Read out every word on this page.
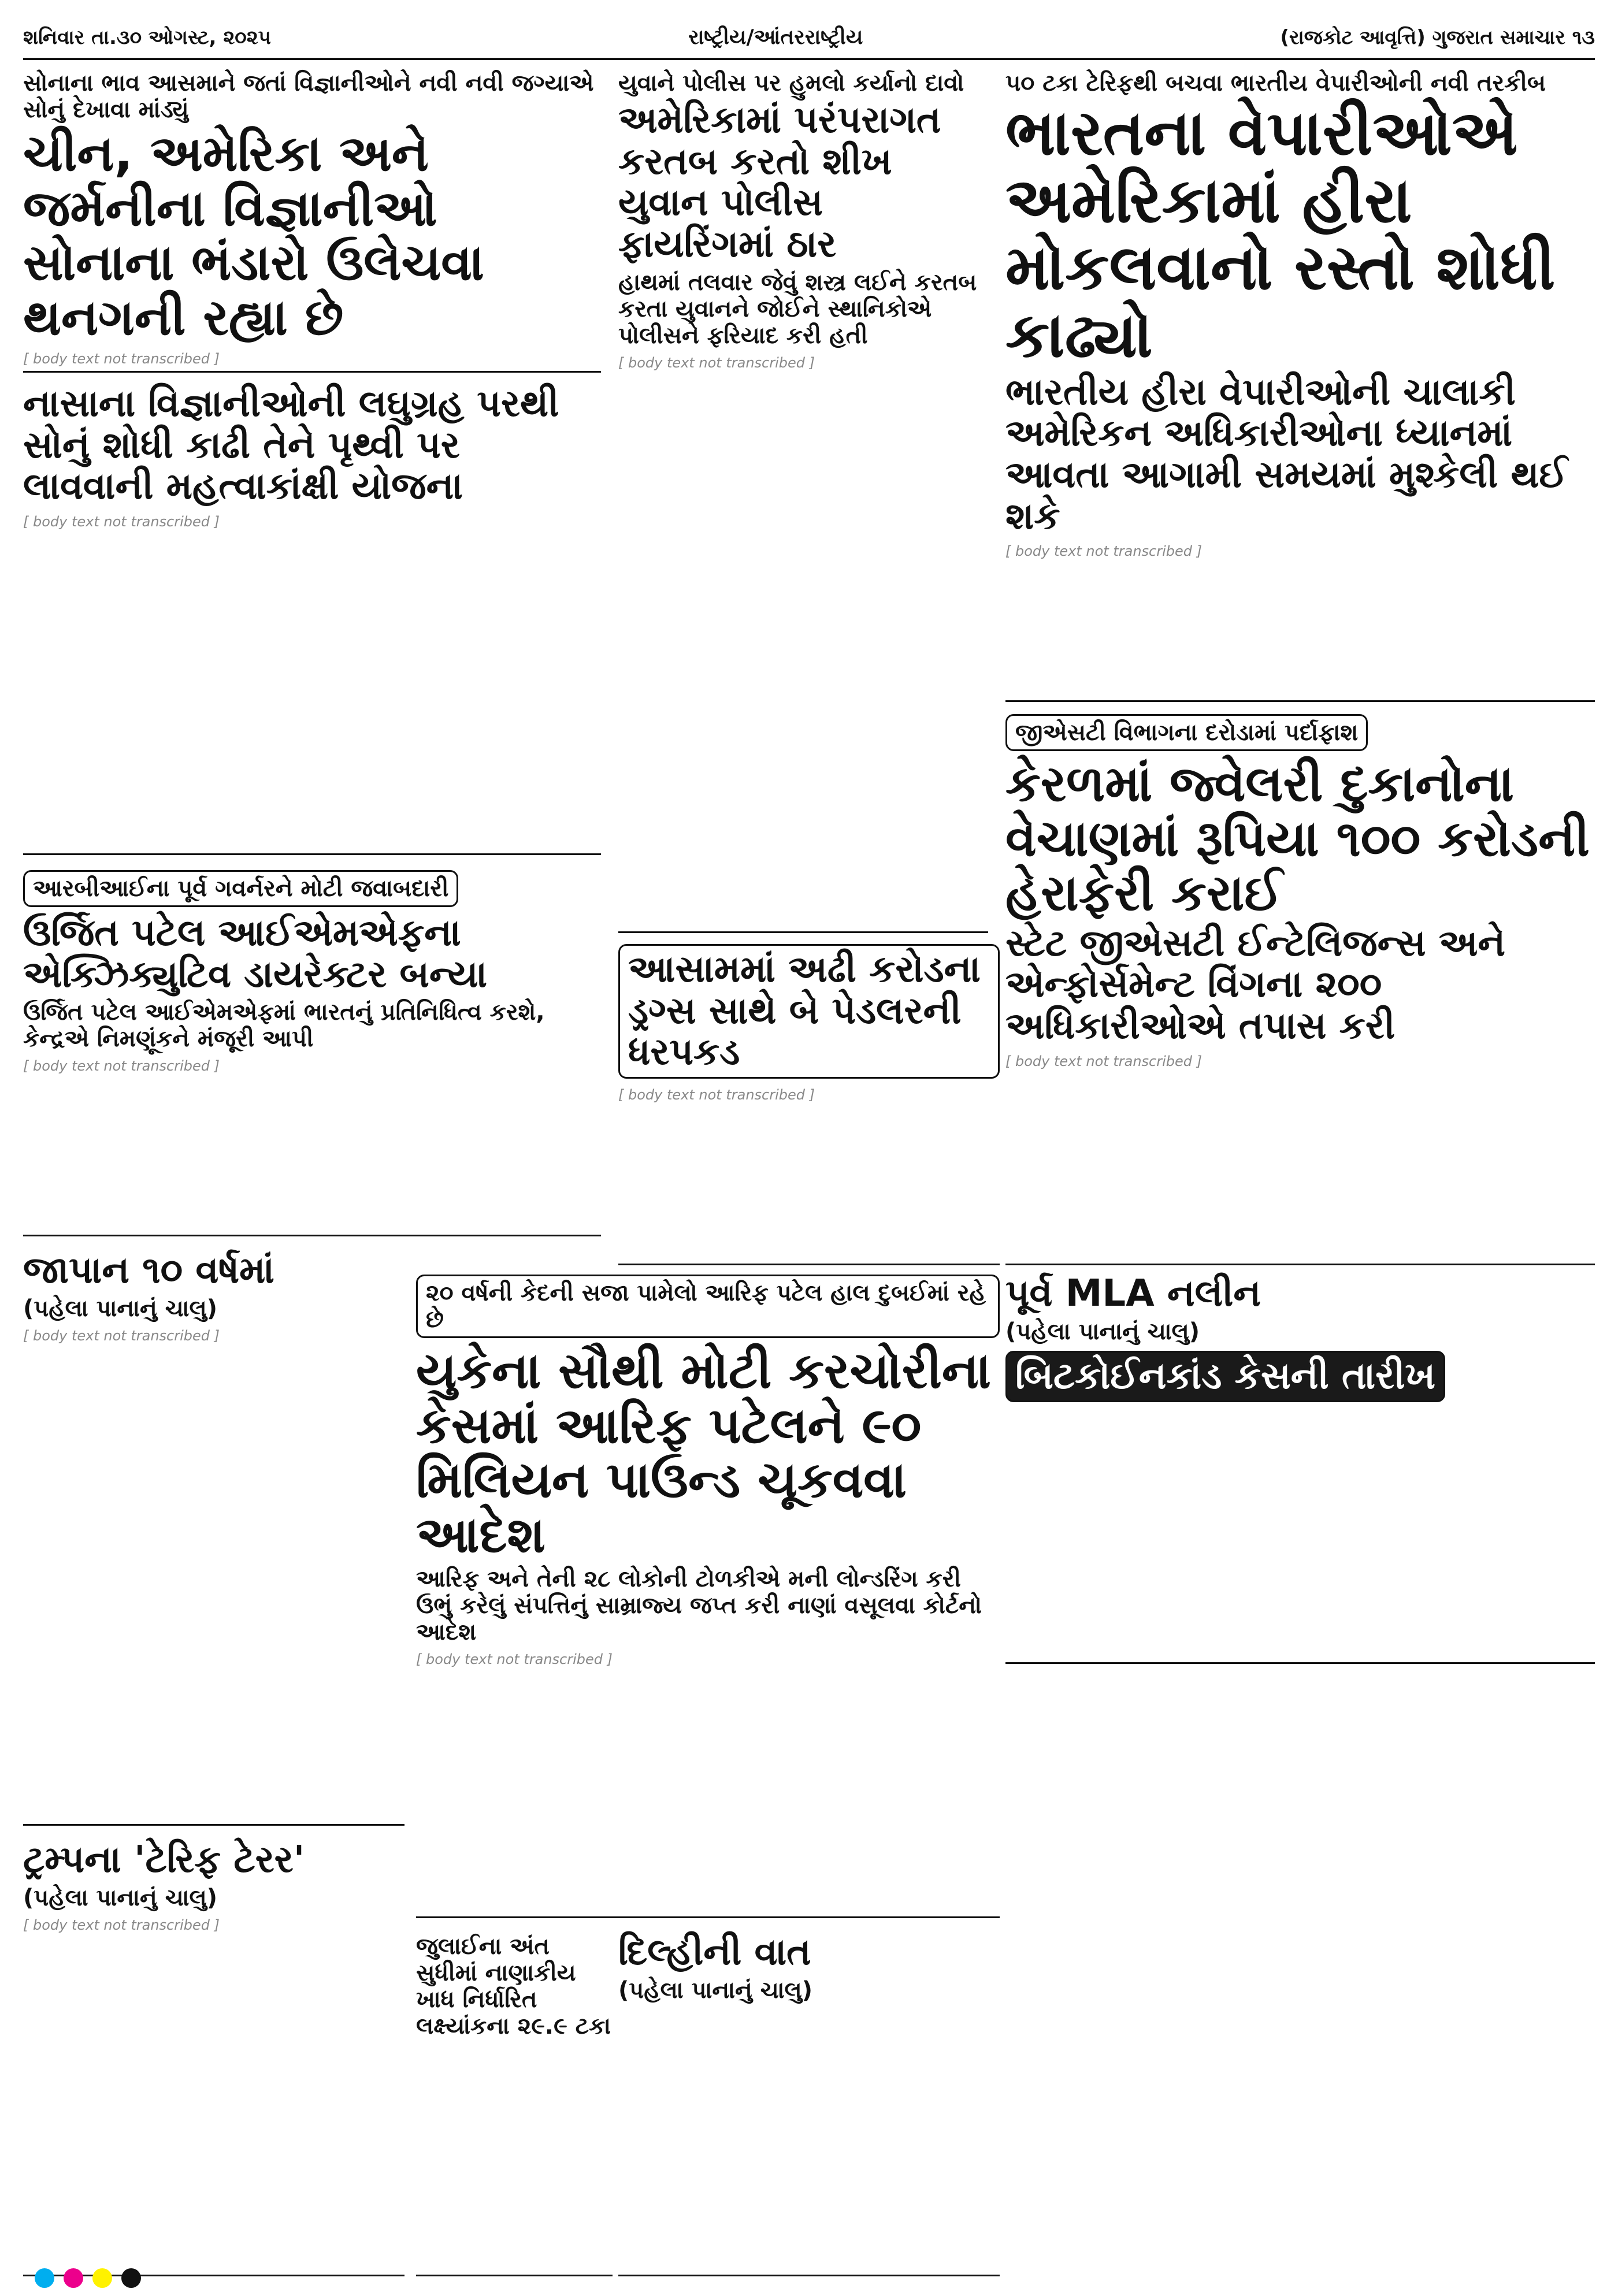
શનિવાર તા.૩૦ ઓગસ્ટ, ૨૦૨૫	રાષ્ટ્રીય/આંતરરાષ્ટ્રીય	(રાજકોટ આવૃત્તિ) ગુજરાત સમાચાર ૧૩
સોનાના ભાવ આસમાને જતાં વિજ્ઞાનીઓને નવી નવી જગ્યાએ સોનું દેખાવા માંડ્યું
ચીન, અમેરિકા અને જર્મનીના વિજ્ઞાનીઓ સોનાના ભંડારો ઉલેચવા થનગની રહ્યા છે
[ body text not transcribed ]
નાસાના વિજ્ઞાનીઓની લઘુગ્રહ પરથી સોનું શોધી કાઢી તેને પૃથ્વી પર લાવવાની મહત્વાકાંક્ષી યોજના
[ body text not transcribed ]
યુવાને પોલીસ પર હુમલો કર્યાનો દાવો
અમેરિકામાં પરંપરાગત કરતબ કરતો શીખ યુવાન પોલીસ ફાયરિંગમાં ઠાર
હાથમાં તલવાર જેવું શસ્ત્ર લઈને કરતબ કરતા યુવાનને જોઈને સ્થાનિકોએ પોલીસને ફરિયાદ કરી હતી
[ body text not transcribed ]
૫૦ ટકા ટેરિફથી બચવા ભારતીય વેપારીઓની નવી તરકીબ
ભારતના વેપારીઓએ અમેરિકામાં હીરા મોકલવાનો રસ્તો શોધી કાઢ્યો
ભારતીય હીરા વેપારીઓની ચાલાકી અમેરિકન અધિકારીઓના ધ્યાનમાં આવતા આગામી સમયમાં મુશ્કેલી થઈ શકે
[ body text not transcribed ]
આસામમાં અઢી કરોડના ડ્રગ્સ સાથે બે પેડલરની ધરપકડ
[ body text not transcribed ]
જીએસટી વિભાગના દરોડામાં પર્દાફાશ
કેરળમાં જ્વેલરી દુકાનોના વેચાણમાં રૂપિયા ૧૦૦ કરોડની હેરાફેરી કરાઈ
સ્ટેટ જીએસટી ઈન્ટેલિજન્સ અને એન્ફોર્સમેન્ટ વિંગના ૨૦૦ અધિકારીઓએ તપાસ કરી
[ body text not transcribed ]
આરબીઆઈના પૂર્વ ગવર્નરને મોટી જવાબદારી
ઉર્જિત પટેલ આઈએમએફના એક્ઝિક્યુટિવ ડાયરેક્ટર બન્યા
ઉર્જિત પટેલ આઈએમએફમાં ભારતનું પ્રતિનિધિત્વ કરશે, કેન્દ્રએ નિમણૂંકને મંજૂરી આપી
[ body text not transcribed ]
૨૦ વર્ષની કેદની સજા પામેલો આરિફ પટેલ હાલ દુબઈમાં રહે છે
યુકેના સૌથી મોટી કરચોરીના કેસમાં આરિફ પટેલને ૯૦ મિલિયન પાઉન્ડ ચૂકવવા આદેશ
આરિફ અને તેની ૨૮ લોકોની ટોળકીએ મની લોન્ડરિંગ કરી ઉભું કરેલું સંપત્તિનું સામ્રાજ્ય જપ્ત કરી નાણાં વસૂલવા કોર્ટનો આદેશ
[ body text not transcribed ]
જાપાન ૧૦ વર્ષમાં
(પહેલા પાનાનું ચાલુ)
[ body text not transcribed ]
ટ્રમ્પના 'ટેરિફ ટેરર'
(પહેલા પાનાનું ચાલુ)
[ body text not transcribed ]
પૂર્વ MLA નલીન
(પહેલા પાનાનું ચાલુ)
બિટકોઈનકાંડ કેસની તારીખ
દિલ્હીની વાત
(પહેલા પાનાનું ચાલુ)
જુલાઈના અંત સુધીમાં નાણાકીય ખાધ નિર્ધારિત લક્ષ્યાંકના ૨૯.૯ ટકા
